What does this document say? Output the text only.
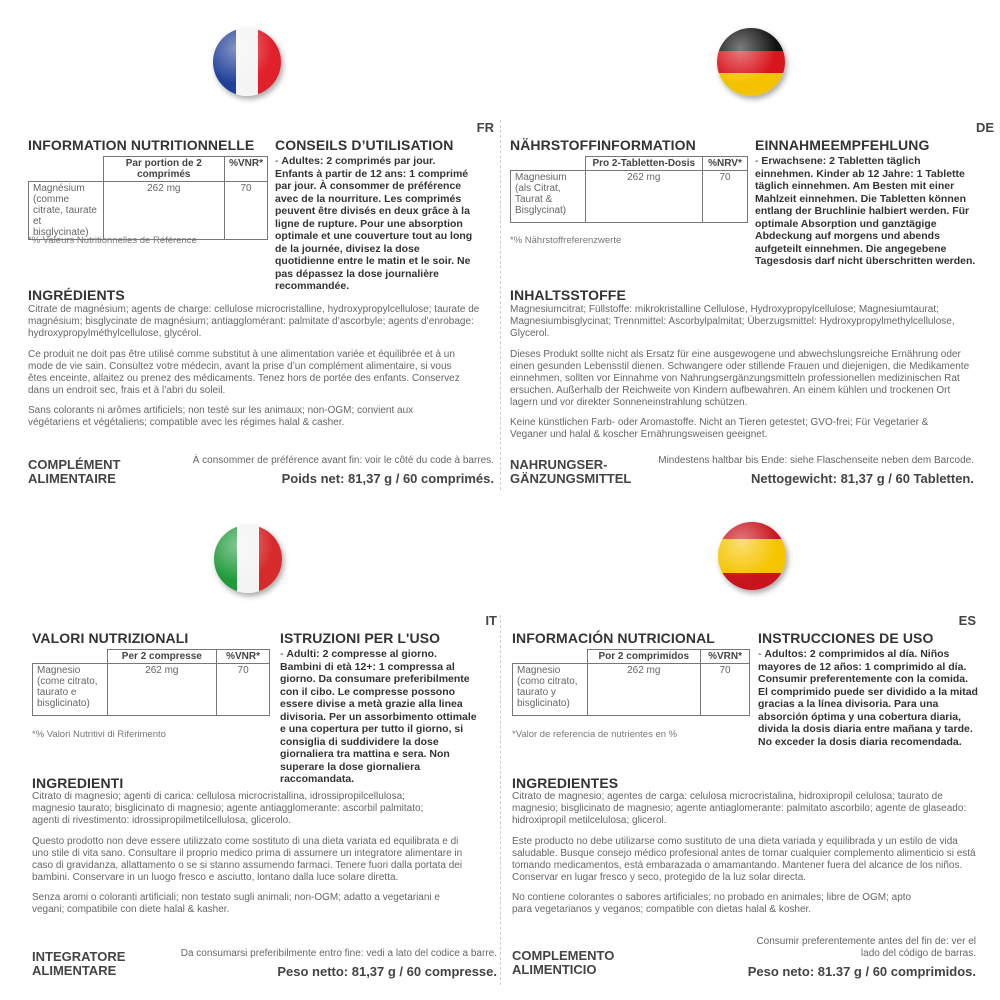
FR
INFORMATION NUTRITIONNELLE
	Par portion de 2 comprimés	%VNR*
Magnésium (comme citrate, taurate et bisglycinate)	262 mg	70
*% Valeurs Nutritionnelles de Référence
CONSEILS D’UTILISATION
- Adultes: 2 comprimés par jour. Enfants à partir de 12 ans: 1 comprimé par jour. À consommer de préférence avec de la nourriture. Les comprimés peuvent être divisés en deux grâce à la ligne de rupture. Pour une absorption optimale et une couverture tout au long de la journée, divisez la dose quotidienne entre le matin et le soir. Ne pas dépassez la dose journalière recommandée.
INGRÉDIENTS
Citrate de magnésium; agents de charge: cellulose microcristalline, hydroxypropylcellulose; taurate de magnésium; bisglycinate de magnésium; antiagglomérant: palmitate d’ascorbyle; agents d’enrobage: hydroxypropylméthylcellulose, glycérol.
Ce produit ne doit pas être utilisé comme substitut à une alimentation variée et équilibrée et à un mode de vie sain. Consultez votre médecin, avant la prise d’un complément alimentaire, si vous êtes enceinte, allaitez ou prenez des médicaments. Tenez hors de portée des enfants. Conservez dans un endroit sec, frais et à l’abri du soleil.
Sans colorants ni arômes artificiels; non testé sur les animaux; non-OGM; convient aux végétariens et végétaliens; compatible avec les régimes halal & casher.
COMPLÉMENT ALIMENTAIRE
À consommer de préférence avant fin: voir le côté du code à barres.
Poids net: 81,37 g / 60 comprimés.
DE
NÄHRSTOFFINFORMATION
	Pro 2-Tabletten-Dosis	%NRV*
Magnesium (als Citrat, Taurat & Bisglycinat)	262 mg	70
*% Nährstoffreferenzwerte
EINNAHMEEMPFEHLUNG
- Erwachsene: 2 Tabletten täglich einnehmen. Kinder ab 12 Jahre: 1 Tablette täglich einnehmen. Am Besten mit einer Mahlzeit einnehmen. Die Tabletten können entlang der Bruchlinie halbiert werden. Für optimale Absorption und ganztägige Abdeckung auf morgens und abends aufgeteilt einnehmen. Die angegebene Tagesdosis darf nicht überschritten werden.
INHALTSSTOFFE
Magnesiumcitrat; Füllstoffe: mikrokristalline Cellulose, Hydroxypropylcellulose; Magnesiumtaurat; Magnesiumbisglycinat; Trennmittel: Ascorbylpalmitat; Überzugsmittel: Hydroxypropylmethylcellulose, Glycerol.
Dieses Produkt sollte nicht als Ersatz für eine ausgewogene und abwechslungsreiche Ernährung oder einen gesunden Lebensstil dienen. Schwangere oder stillende Frauen und diejenigen, die Medikamente einnehmen, sollten vor Einnahme von Nahrungsergänzungsmitteln professionellen medizinischen Rat ersuchen. Außerhalb der Reichweite von Kindern aufbewahren. An einem kühlen und trockenen Ort lagern und vor direkter Sonneneinstrahlung schützen.
Keine künstlichen Farb- oder Aromastoffe. Nicht an Tieren getestet; GVO-frei; Für Vegetarier & Veganer und halal & koscher Ernährungsweisen geeignet.
NAHRUNGSER-GÄNZUNGSMITTEL
Mindestens haltbar bis Ende: siehe Flaschenseite neben dem Barcode.
Nettogewicht: 81,37 g / 60 Tabletten.
IT
VALORI NUTRIZIONALI
	Per 2 compresse	%VNR*
Magnesio (come citrato, taurato e bisglicinato)	262 mg	70
*% Valori Nutritivi di Riferimento
ISTRUZIONI PER L'USO
- Adulti: 2 compresse al giorno. Bambini di età 12+: 1 compressa al giorno. Da consumare preferibilmente con il cibo. Le compresse possono essere divise a metà grazie alla linea divisoria. Per un assorbimento ottimale e una copertura per tutto il giorno, si consiglia di suddividere la dose giornaliera tra mattina e sera. Non superare la dose giornaliera raccomandata.
INGREDIENTI
Citrato di magnesio; agenti di carica: cellulosa microcristallina, idrossipropilcellulosa; magnesio taurato; bisglicinato di magnesio; agente antiagglomerante: ascorbil palmitato; agenti di rivestimento: idrossipropilmetilcellulosa, glicerolo.
Questo prodotto non deve essere utilizzato come sostituto di una dieta variata ed equilibrata e di uno stile di vita sano. Consultare il proprio medico prima di assumere un integratore alimentare in caso di gravidanza, allattamento o se si stanno assumendo farmaci. Tenere fuori dalla portata dei bambini. Conservare in un luogo fresco e asciutto, lontano dalla luce solare diretta.
Senza aromi o coloranti artificiali; non testato sugli animali; non-OGM; adatto a vegetariani e vegani; compatibile con diete halal & kasher.
INTEGRATORE ALIMENTARE
Da consumarsi preferibilmente entro fine: vedi a lato del codice a barre.
Peso netto: 81,37 g / 60 compresse.
ES
INFORMACIÓN NUTRICIONAL
	Por 2 comprimidos	%VRN*
Magnesio (como citrato, taurato y bisglicinato)	262 mg	70
*Valor de referencia de nutrientes en %
INSTRUCCIONES DE USO
- Adultos: 2 comprimidos al día. Niños mayores de 12 años: 1 comprimido al día. Consumir preferentemente con la comida. El comprimido puede ser dividido a la mitad gracias a la línea divisoria. Para una absorción óptima y una cobertura diaria, divida la dosis diaria entre mañana y tarde. No exceder la dosis diaria recomendada.
INGREDIENTES
Citrato de magnesio; agentes de carga: celulosa microcristalina, hidroxipropil celulosa; taurato de magnesio; bisglicinato de magnesio; agente antiaglomerante: palmitato ascorbilo; agente de glaseado: hidroxipropil metilcelulosa; glicerol.
Este producto no debe utilizarse como sustituto de una dieta variada y equilibrada y un estilo de vida saludable. Busque consejo médico profesional antes de tomar cualquier complemento alimenticio si está tomando medicamentos, está embarazada o amamantando. Mantener fuera del alcance de los niños. Conservar en lugar fresco y seco, protegido de la luz solar directa.
No contiene colorantes o sabores artificiales; no probado en animales; libre de OGM; apto para vegetarianos y veganos; compatible con dietas halal & kosher.
COMPLEMENTO ALIMENTICIO
Consumir preferentemente antes del fin de: ver el lado del código de barras.
Peso neto: 81.37 g / 60 comprimidos.
